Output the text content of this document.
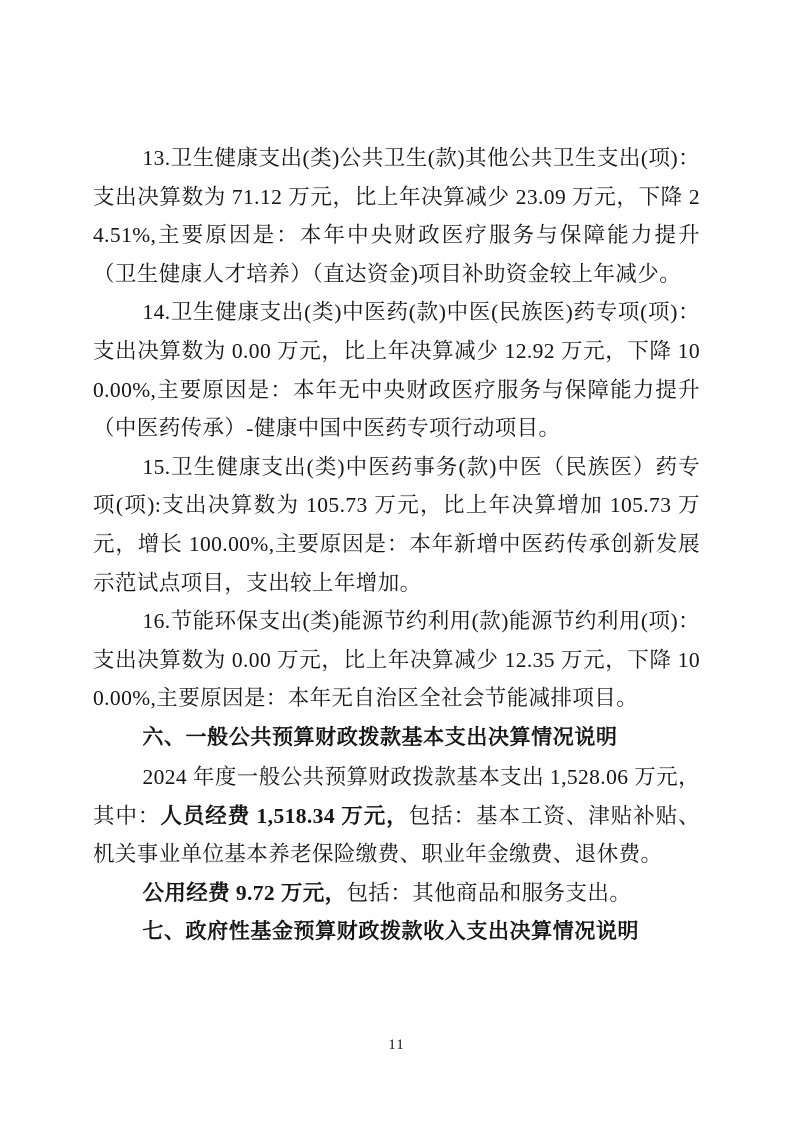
13.卫生健康支出(类)公共卫生(款)其他公共卫生支出(项)：支出决算数为 71.12 万元，比上年决算减少 23.09 万元，下降 24.51%,主要原因是：本年中央财政医疗服务与保障能力提升（卫生健康人才培养）（直达资金)项目补助资金较上年减少。

14.卫生健康支出(类)中医药(款)中医(民族医)药专项(项)：支出决算数为 0.00 万元，比上年决算减少 12.92 万元，下降 100.00%,主要原因是：本年无中央财政医疗服务与保障能力提升（中医药传承）-健康中国中医药专项行动项目。

15.卫生健康支出(类)中医药事务(款)中医（民族医）药专项(项):支出决算数为 105.73 万元，比上年决算增加 105.73 万元，增长 100.00%,主要原因是：本年新增中医药传承创新发展示范试点项目，支出较上年增加。

16.节能环保支出(类)能源节约利用(款)能源节约利用(项)：支出决算数为 0.00 万元，比上年决算减少 12.35 万元，下降 100.00%,主要原因是：本年无自治区全社会节能减排项目。

六、一般公共预算财政拨款基本支出决算情况说明

2024 年度一般公共预算财政拨款基本支出 1,528.06 万元，其中：人员经费 1,518.34 万元，包括：基本工资、津贴补贴、机关事业单位基本养老保险缴费、职业年金缴费、退休费。

公用经费 9.72 万元，包括：其他商品和服务支出。

七、政府性基金预算财政拨款收入支出决算情况说明
11
